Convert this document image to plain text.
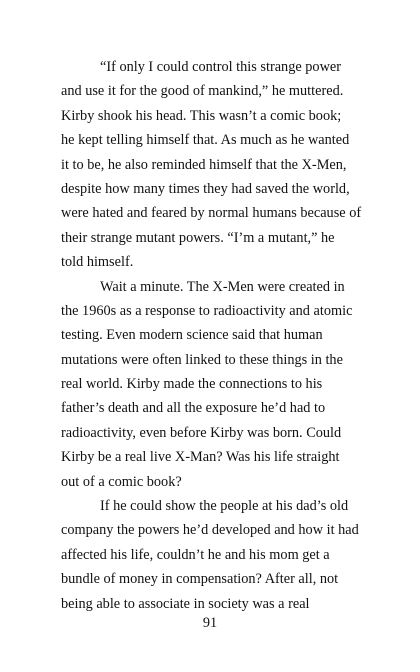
“If only I could control this strange power
and use it for the good of mankind,” he muttered.
Kirby shook his head. This wasn’t a comic book;
he kept telling himself that. As much as he wanted
it to be, he also reminded himself that the X-Men,
despite how many times they had saved the world,
were hated and feared by normal humans because of
their strange mutant powers. “I’m a mutant,” he
told himself.
Wait a minute. The X-Men were created in
the 1960s as a response to radioactivity and atomic
testing. Even modern science said that human
mutations were often linked to these things in the
real world. Kirby made the connections to his
father’s death and all the exposure he’d had to
radioactivity, even before Kirby was born. Could
Kirby be a real live X-Man? Was his life straight
out of a comic book?
If he could show the people at his dad’s old
company the powers he’d developed and how it had
affected his life, couldn’t he and his mom get a
bundle of money in compensation? After all, not
being able to associate in society was a real
91
